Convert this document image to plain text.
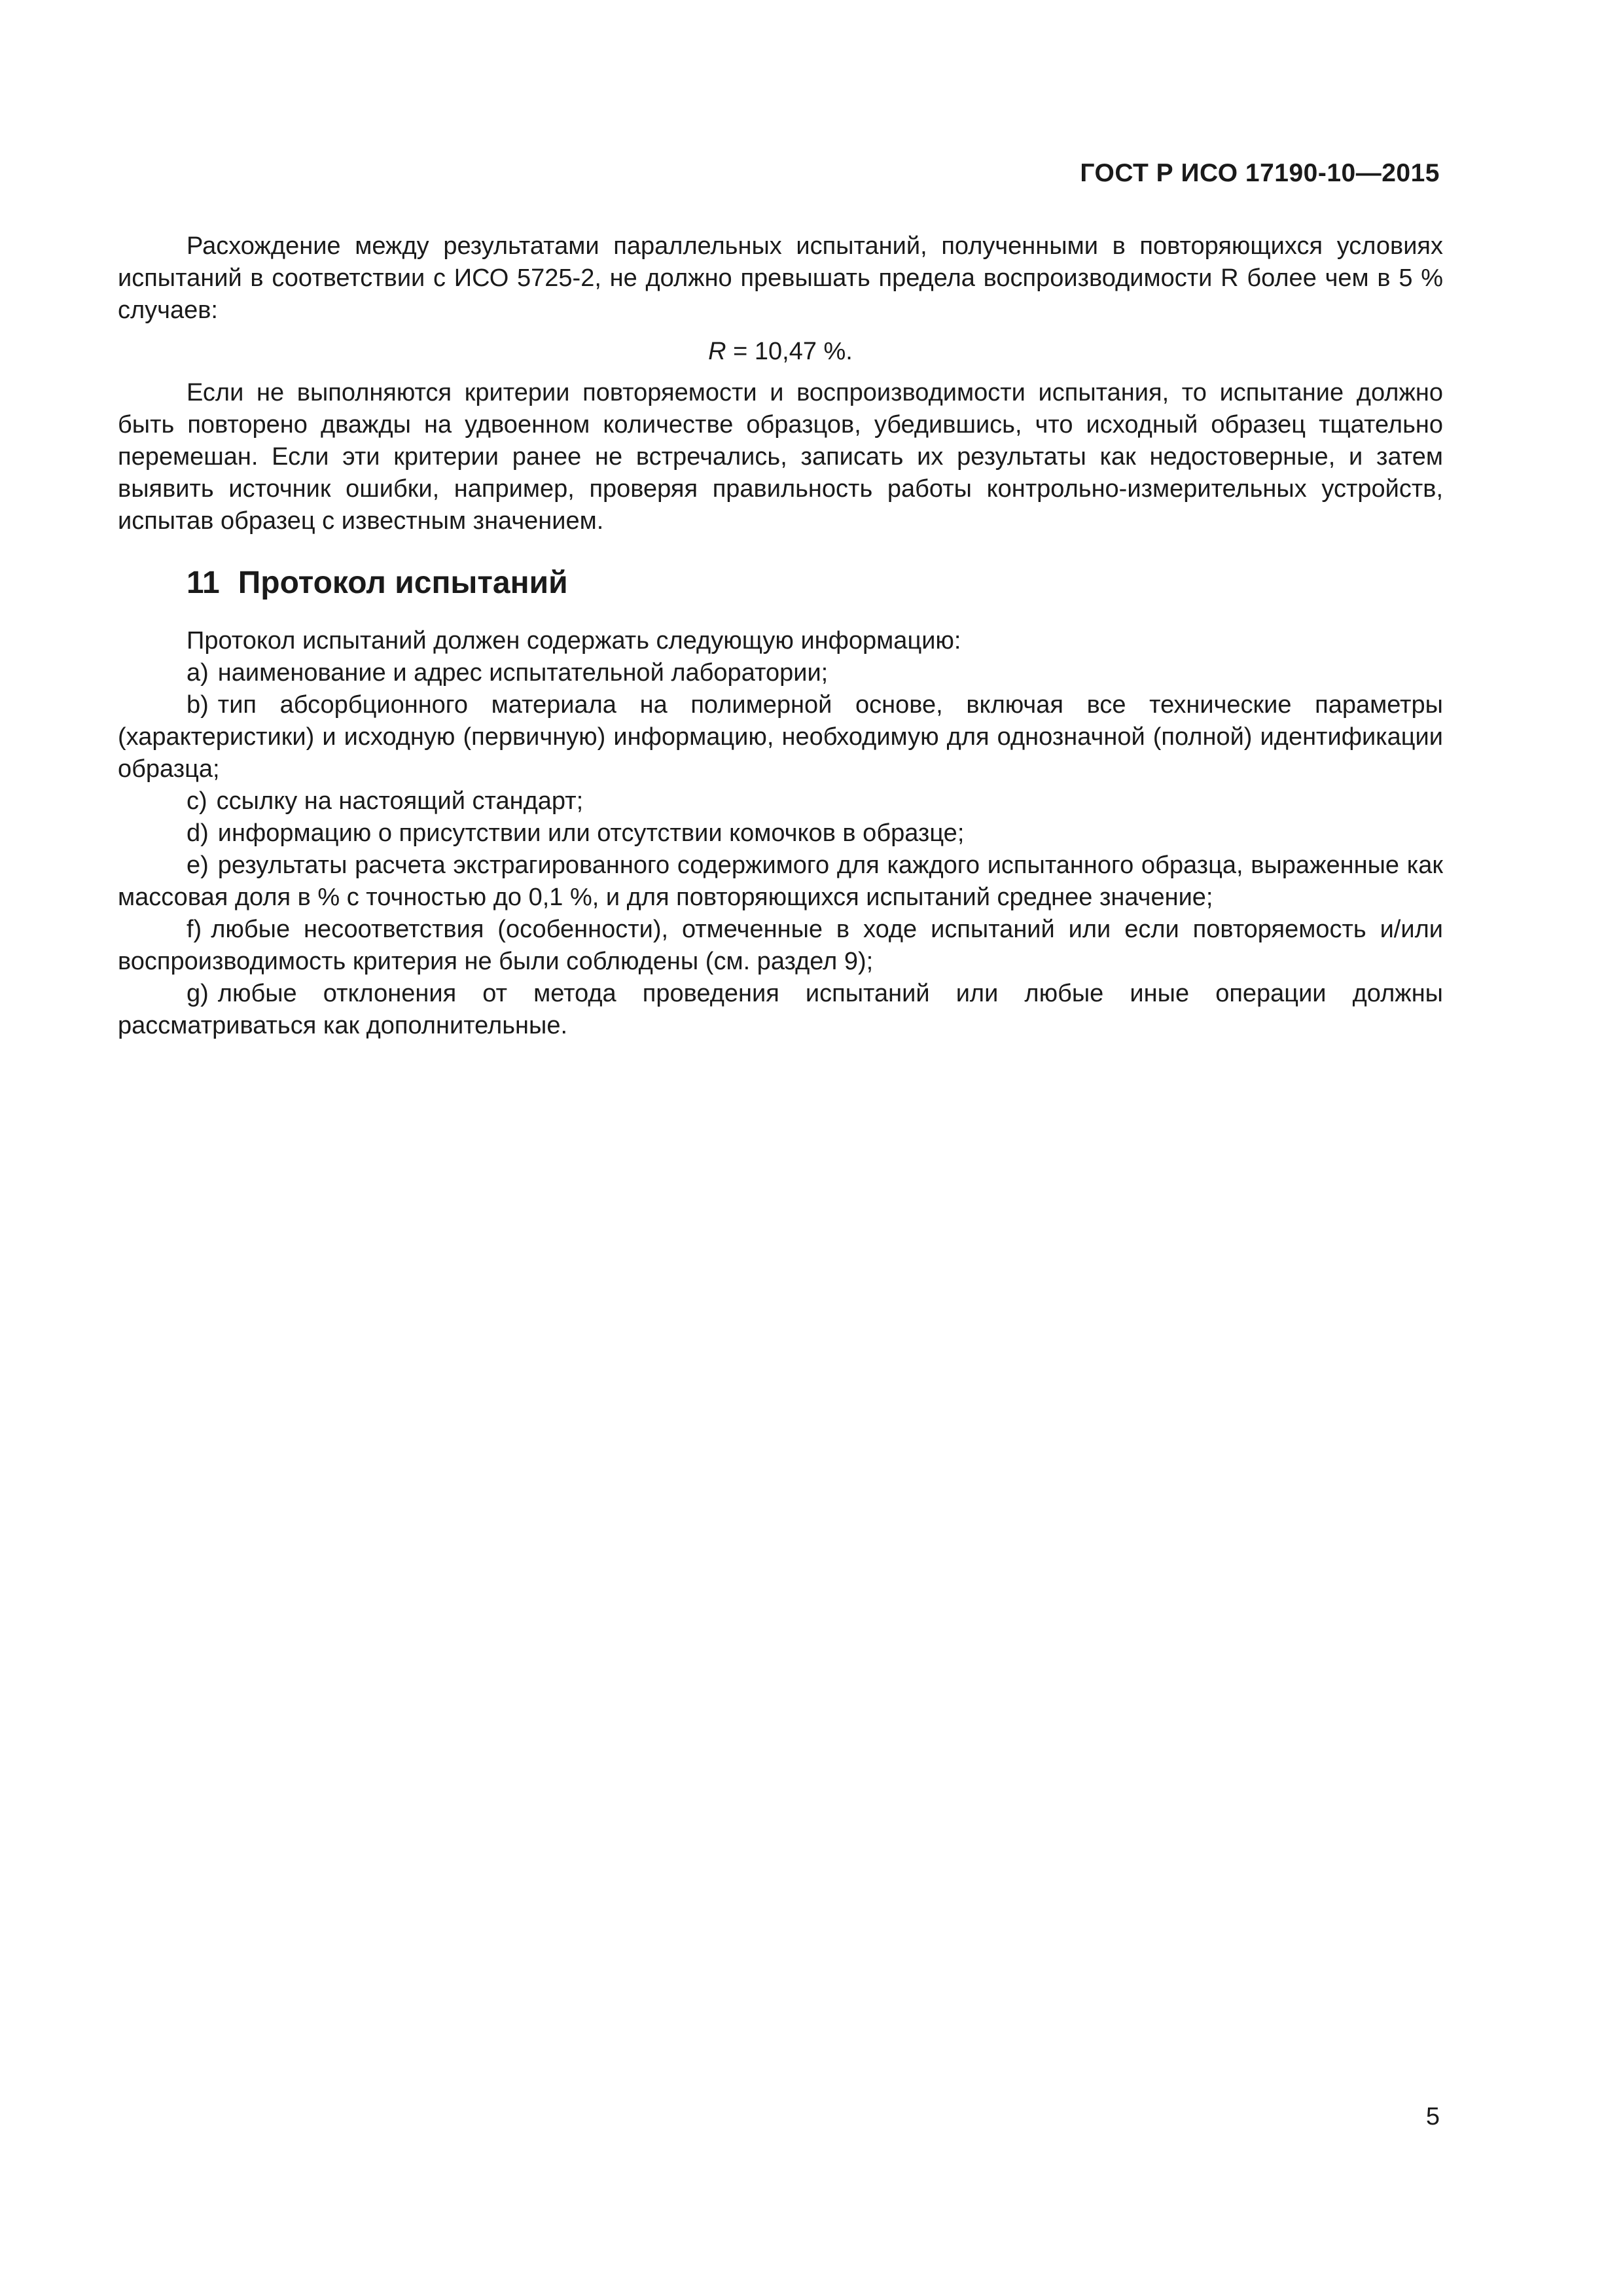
ГОСТ Р ИСО 17190-10—2015

Расхождение между результатами параллельных испытаний, полученными в повторяющихся условиях испытаний в соответствии с ИСО 5725-2, не должно превышать предела воспроизводимости R более чем в 5 % случаев:

R = 10,47 %.

Если не выполняются критерии повторяемости и воспроизводимости испытания, то испытание должно быть повторено дважды на удвоенном количестве образцов, убедившись, что исходный образец тщательно перемешан. Если эти критерии ранее не встречались, записать их результаты как недостоверные, и затем выявить источник ошибки, например, проверяя правильность работы контрольно-измерительных устройств, испытав образец с известным значением.

11 Протокол испытаний

Протокол испытаний должен содержать следующую информацию:

a) наименование и адрес испытательной лаборатории;

b) тип абсорбционного материала на полимерной основе, включая все технические параметры (характеристики) и исходную (первичную) информацию, необходимую для однозначной (полной) идентификации образца;

c) ссылку на настоящий стандарт;

d) информацию о присутствии или отсутствии комочков в образце;

e) результаты расчета экстрагированного содержимого для каждого испытанного образца, выраженные как массовая доля в % с точностью до 0,1 %, и для повторяющихся испытаний среднее значение;

f) любые несоответствия (особенности), отмеченные в ходе испытаний или если повторяемость и/или воспроизводимость критерия не были соблюдены (см. раздел 9);

g) любые отклонения от метода проведения испытаний или любые иные операции должны рассматриваться как дополнительные.

5
